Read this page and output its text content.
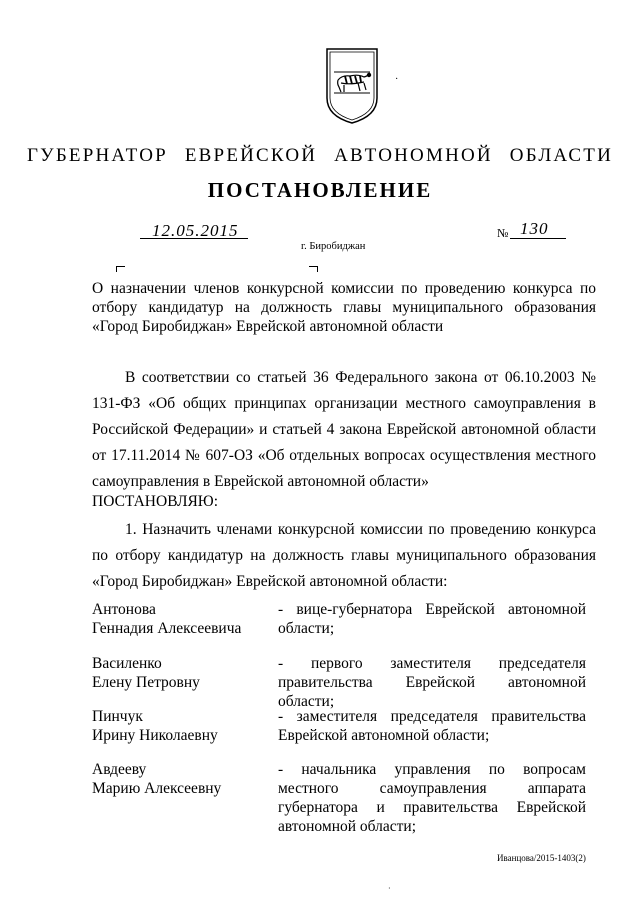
·
ГУБЕРНАТОР ЕВРЕЙСКОЙ АВТОНОМНОЙ ОБЛАСТИ
ПОСТАНОВЛЕНИЕ
12.05.2015	№ 130
г. Биробиджан
О назначении членов конкурсной комиссии по проведению конкурса по отбору кандидатур на должность главы муниципального образования «Город Биробиджан» Еврейской автономной области
В соответствии со статьей 36 Федерального закона от 06.10.2003 № 131-ФЗ «Об общих принципах организации местного самоуправления в Российской Федерации» и статьей 4 закона Еврейской автономной области от 17.11.2014 № 607-ОЗ «Об отдельных вопросах осуществления местного самоуправления в Еврейской автономной области»
ПОСТАНОВЛЯЮ:
1. Назначить членами конкурсной комиссии по проведению конкурса по отбору кандидатур на должность главы муниципального образования «Город Биробиджан» Еврейской автономной области:
Антонова
Геннадия Алексеевича
- вице-губернатора Еврейской автономной области;
Василенко
Елену Петровну
- первого заместителя председателя правительства Еврейской автономной области;
Пинчук
Ирину Николаевну
- заместителя председателя правительства Еврейской автономной области;
Авдееву
Марию Алексеевну
- начальника управления по вопросам местного самоуправления аппарата губернатора и правительства Еврейской автономной области;
Иванцова/2015-1403(2)
·
